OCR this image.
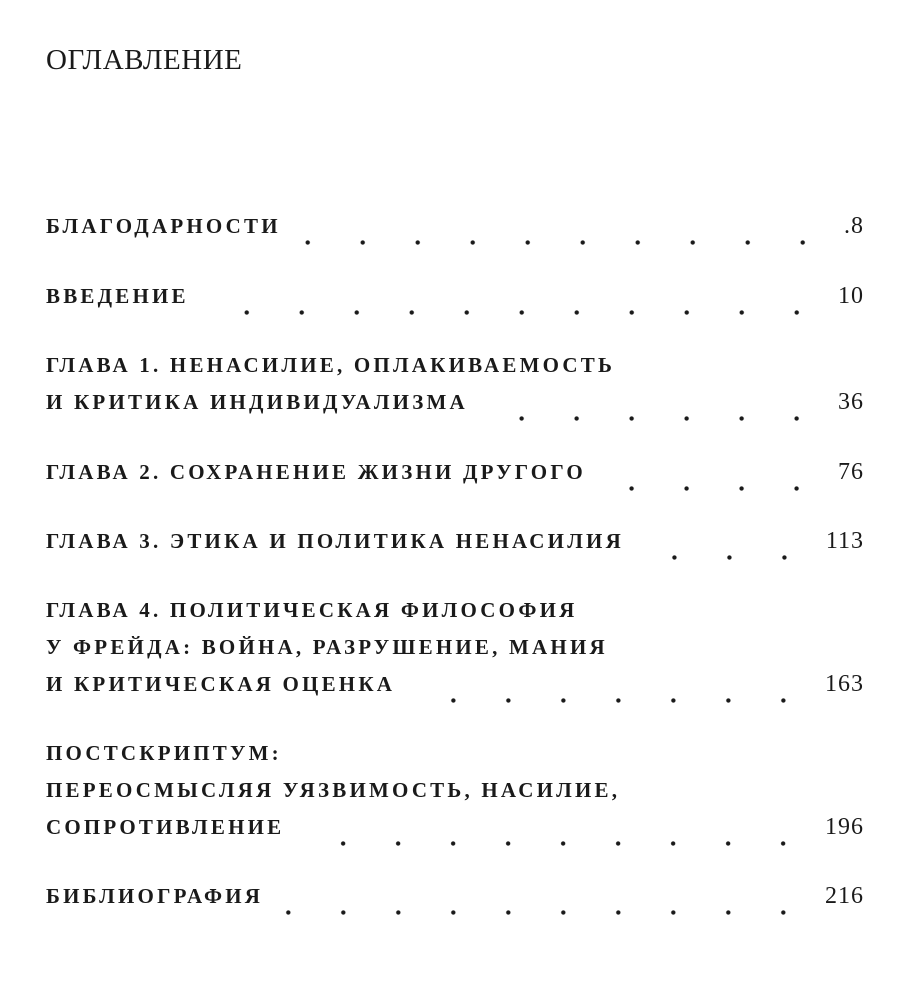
ОГЛАВЛЕНИЕ
БЛАГОДАРНОСТИ	.8
ВВЕДЕНИЕ	10
ГЛАВА 1. НЕНАСИЛИЕ, ОПЛАКИВАЕМОСТЬ
И КРИТИКА ИНДИВИДУАЛИЗМА	36
ГЛАВА 2. СОХРАНЕНИЕ ЖИЗНИ ДРУГОГО	76
ГЛАВА 3. ЭТИКА И ПОЛИТИКА НЕНАСИЛИЯ	113
ГЛАВА 4. ПОЛИТИЧЕСКАЯ ФИЛОСОФИЯ
У ФРЕЙДА: ВОЙНА, РАЗРУШЕНИЕ, МАНИЯ
И КРИТИЧЕСКАЯ ОЦЕНКА	163
ПОСТСКРИПТУМ:
ПЕРЕОСМЫСЛЯЯ УЯЗВИМОСТЬ, НАСИЛИЕ,
СОПРОТИВЛЕНИЕ	196
БИБЛИОГРАФИЯ	216
